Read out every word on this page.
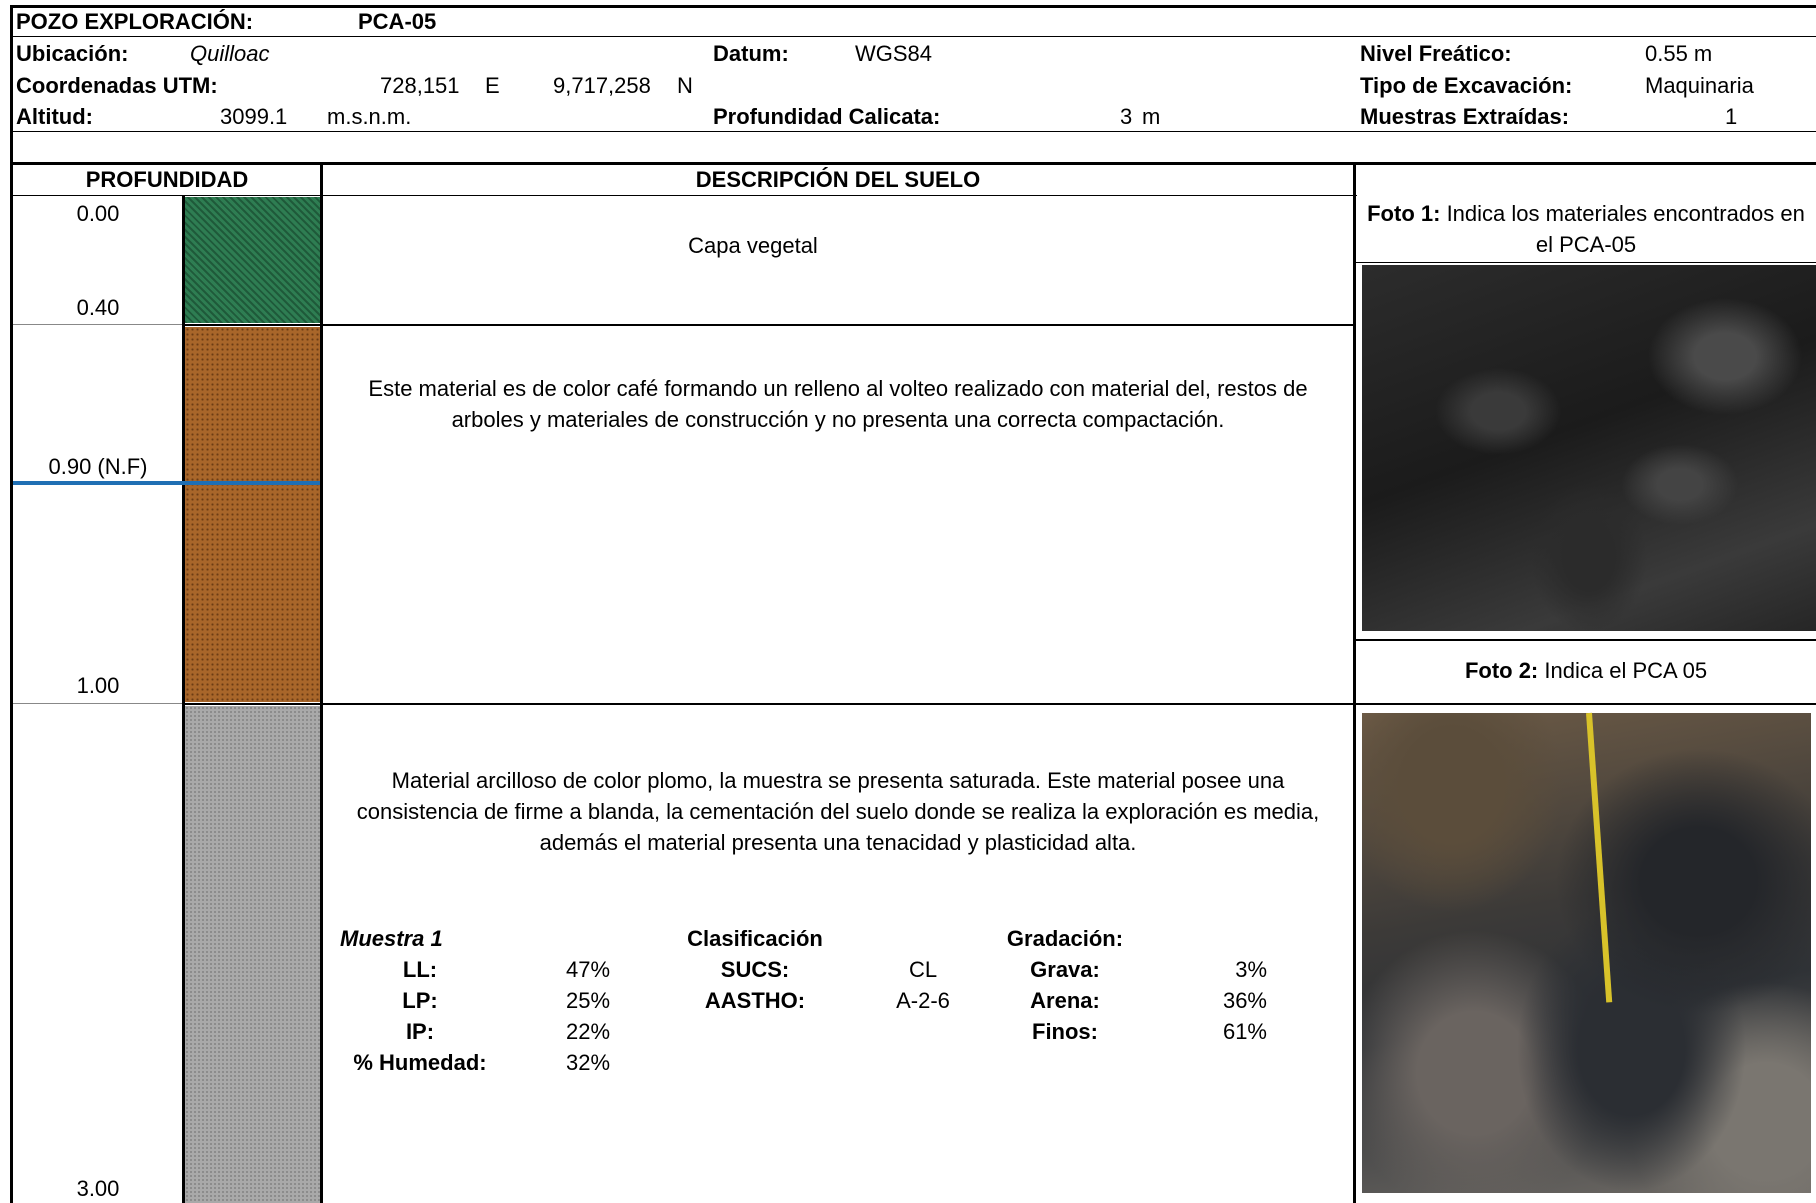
POZO EXPLORACIÓN:	PCA-05
Ubicación:	Quilloac	Datum:	WGS84	Nivel Freático:	0.55 m
Coordenadas UTM:	728,151 E 9,717,258 N	Tipo de Excavación:	Maquinaria
Altitud:	3099.1 m.s.n.m.	Profundidad Calicata:	3 m	Muestras Extraídas:	1
PROFUNDIDAD	DESCRIPCIÓN DEL SUELO
0.00
0.40
0.90 (N.F)
1.00
3.00
Capa vegetal
Este material es de color café formando un relleno al volteo realizado con material del, restos de
arboles y materiales de construcción y no presenta una correcta compactación.
Material arcilloso de color plomo, la muestra se presenta saturada. Este material posee una
consistencia de firme a blanda, la cementación del suelo donde se realiza la exploración es media,
además el material presenta una tenacidad y plasticidad alta.
Muestra 1
LL:	47%
LP:	25%
IP:	22%
% Humedad:	32%
Clasificación
SUCS:	CL
AASTHO:	A-2-6
Gradación:
Grava:	3%
Arena:	36%
Finos:	61%
Foto 1: Indica los materiales encontrados en
el PCA-05
Foto 2: Indica el PCA 05
